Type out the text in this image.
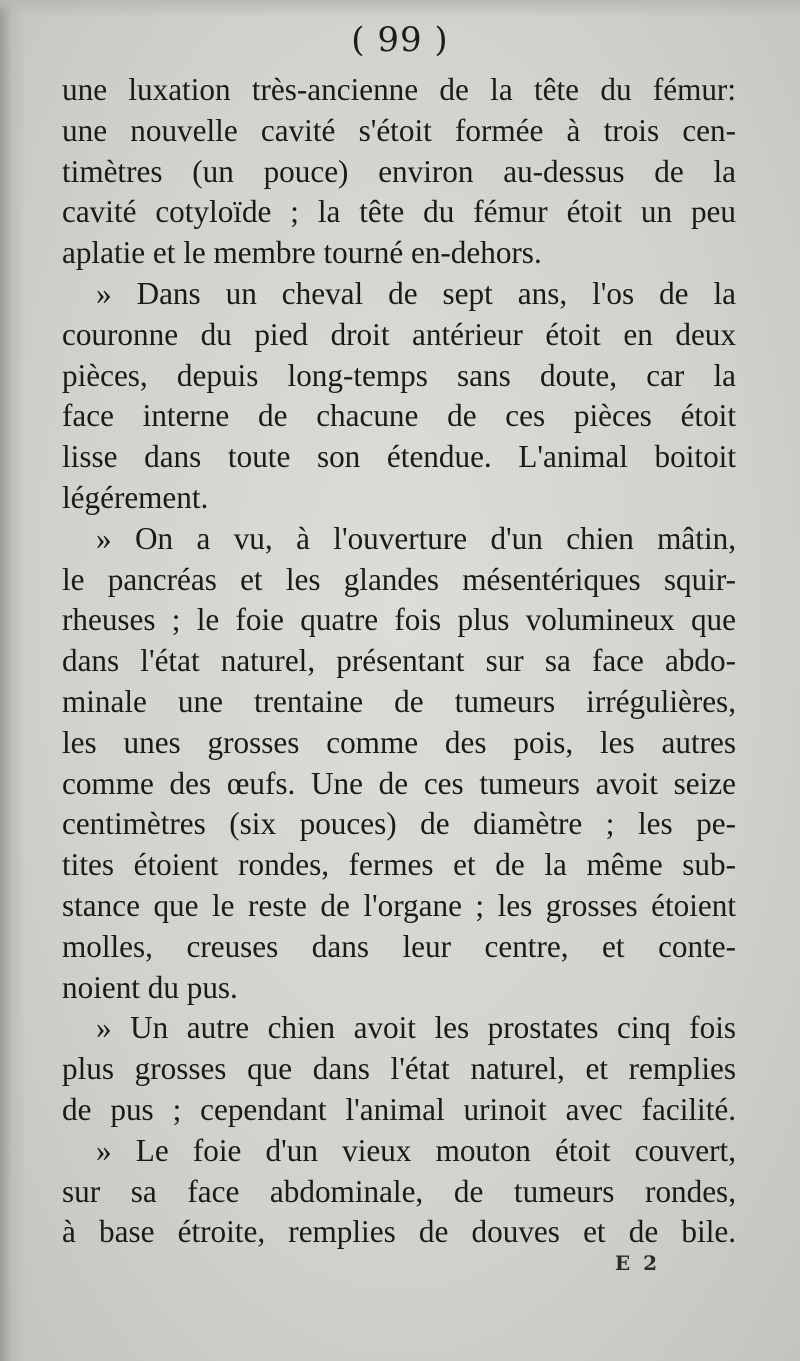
( 99 )
une luxation très-ancienne de la tête du fémur:
une nouvelle cavité s'étoit formée à trois cen-
timètres (un pouce) environ au-dessus de la
cavité cotyloïde ; la tête du fémur étoit un peu
aplatie et le membre tourné en-dehors.
» Dans un cheval de sept ans, l'os de la
couronne du pied droit antérieur étoit en deux
pièces, depuis long-temps sans doute, car la
face interne de chacune de ces pièces étoit
lisse dans toute son étendue. L'animal boitoit
légérement.
» On a vu, à l'ouverture d'un chien mâtin,
le pancréas et les glandes mésentériques squir-
rheuses ; le foie quatre fois plus volumineux que
dans l'état naturel, présentant sur sa face abdo-
minale une trentaine de tumeurs irrégulières,
les unes grosses comme des pois, les autres
comme des œufs. Une de ces tumeurs avoit seize
centimètres (six pouces) de diamètre ; les pe-
tites étoient rondes, fermes et de la même sub-
stance que le reste de l'organe ; les grosses étoient
molles, creuses dans leur centre, et conte-
noient du pus.
» Un autre chien avoit les prostates cinq fois
plus grosses que dans l'état naturel, et remplies
de pus ; cependant l'animal urinoit avec facilité.
» Le foie d'un vieux mouton étoit couvert,
sur sa face abdominale, de tumeurs rondes,
à base étroite, remplies de douves et de bile.
E 2
